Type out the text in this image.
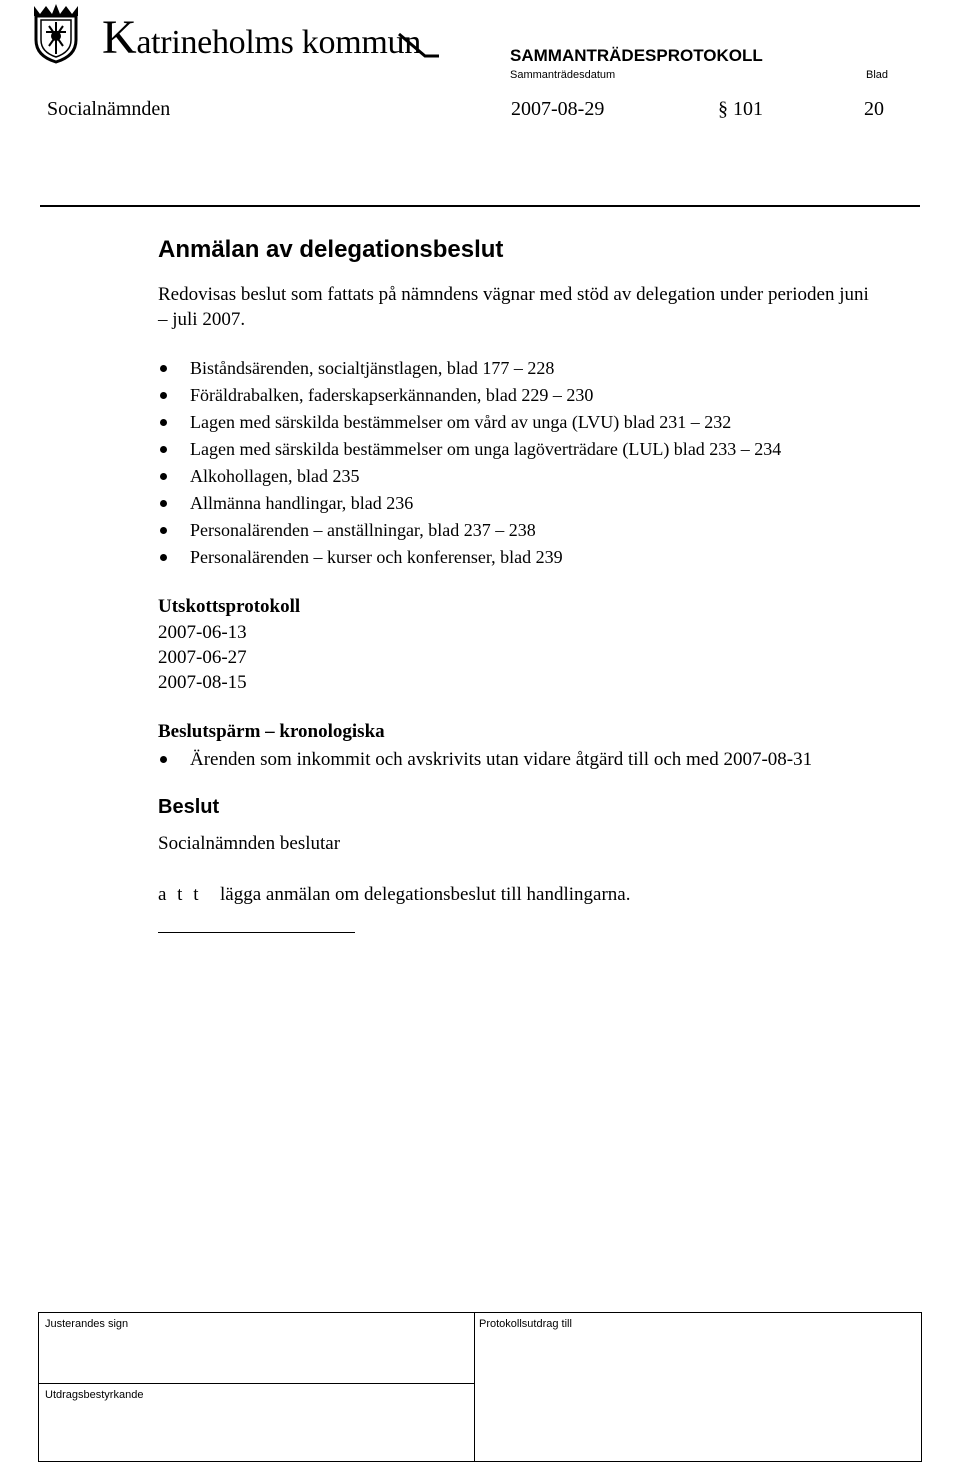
Katrineholms kommun	SAMMANTRÄDESPROTOKOLL
Sammanträdesdatum	Blad
Socialnämnden	2007-08-29	§ 101	20
Anmälan av delegationsbeslut
Redovisas beslut som fattats på nämndens vägnar med stöd av delegation under perioden juni – juli 2007.
Biståndsärenden, socialtjänstlagen, blad 177 – 228
Föräldrabalken, faderskapserkännanden, blad 229 – 230
Lagen med särskilda bestämmelser om vård av unga (LVU) blad 231 – 232
Lagen med särskilda bestämmelser om unga lagöverträdare (LUL) blad 233 – 234
Alkohollagen, blad 235
Allmänna handlingar, blad 236
Personalärenden – anställningar, blad 237 – 238
Personalärenden – kurser och konferenser, blad 239
Utskottsprotokoll
2007-06-13
2007-06-27
2007-08-15
Beslutspärm – kronologiska
Ärenden som inkommit och avskrivits utan vidare åtgärd till och med 2007-08-31
Beslut
Socialnämnden beslutar
a t t lägga anmälan om delegationsbeslut till handlingarna.
Justerandes sign	Protokollsutdrag till
Utdragsbestyrkande
